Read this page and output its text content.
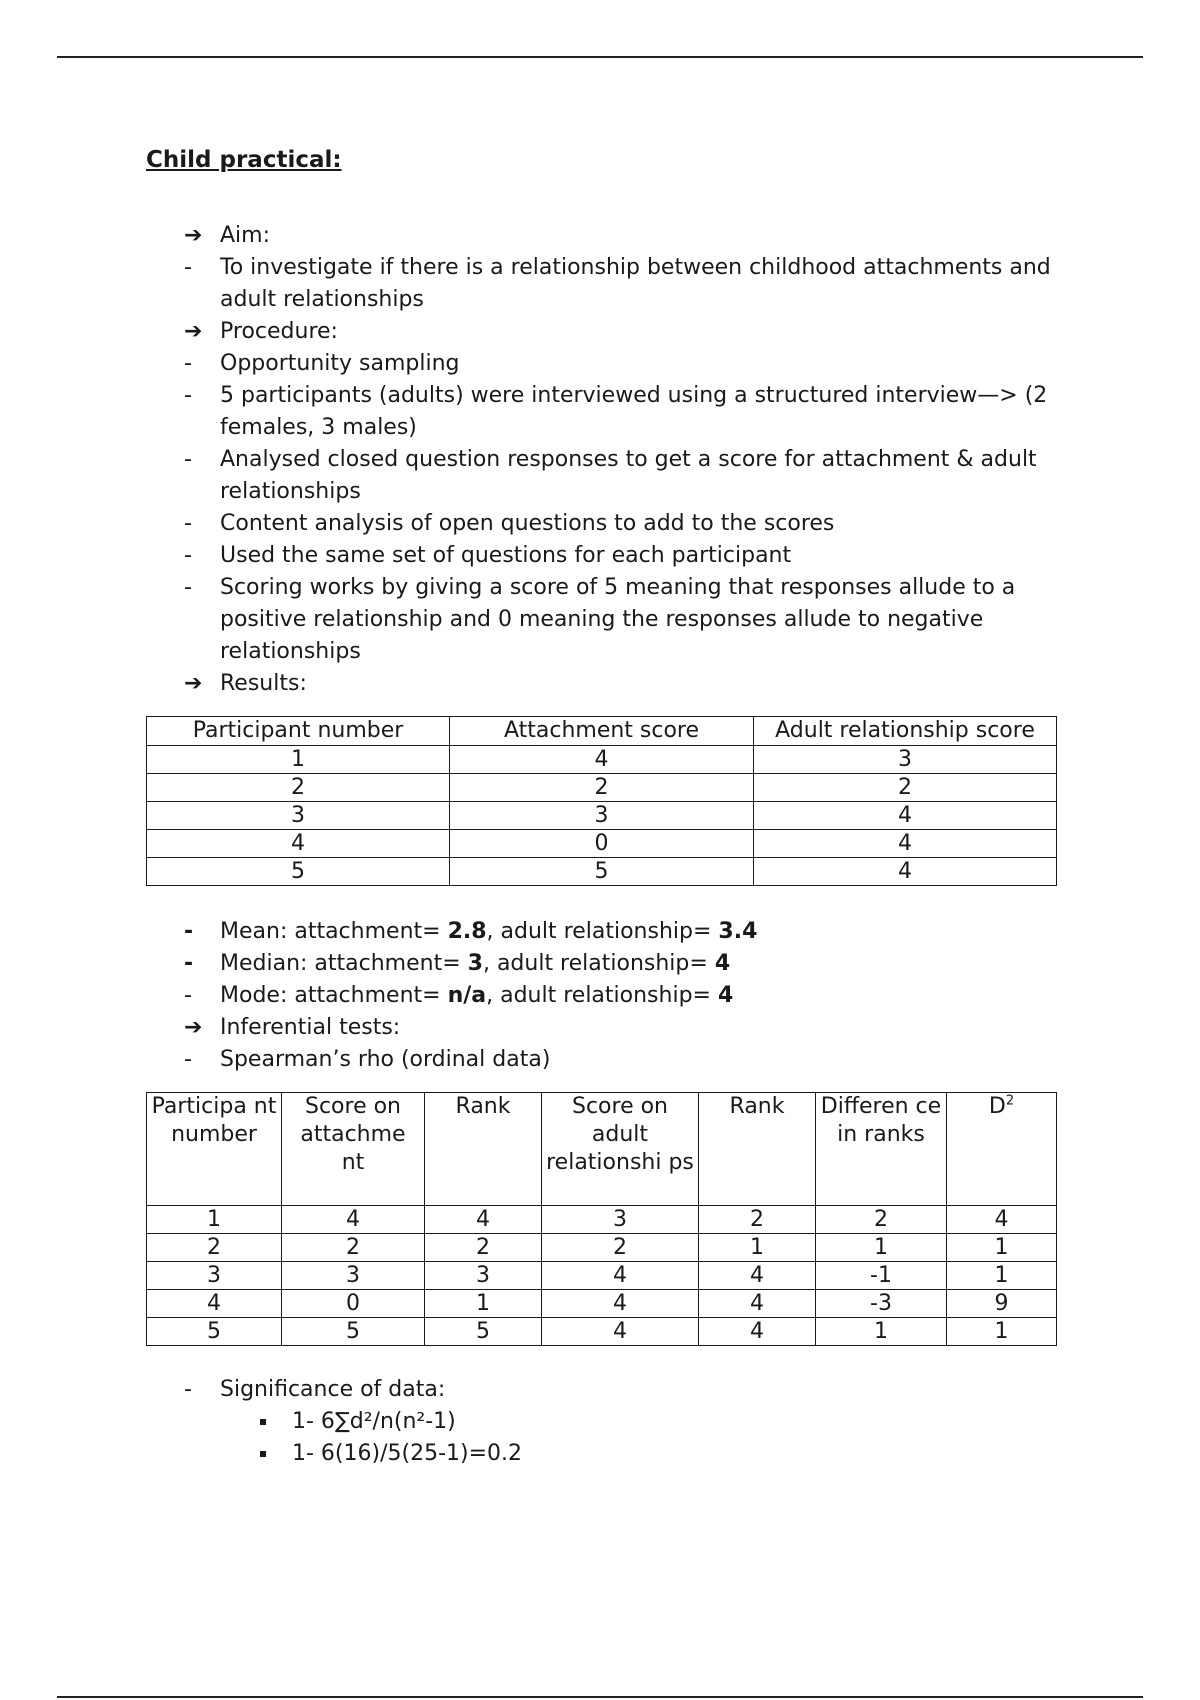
Child practical:
➔ Aim:
- To investigate if there is a relationship between childhood attachments and adult relationships
➔ Procedure:
- Opportunity sampling
- 5 participants (adults) were interviewed using a structured interview—> (2 females, 3 males)
- Analysed closed question responses to get a score for attachment & adult relationships
- Content analysis of open questions to add to the scores
- Used the same set of questions for each participant
- Scoring works by giving a score of 5 meaning that responses allude to a positive relationship and 0 meaning the responses allude to negative relationships
➔ Results:
Participant number	Attachment score	Adult relationship score
1	4	3
2	2	2
3	3	4
4	0	4
5	5	4
- Mean: attachment= 2.8, adult relationship= 3.4
- Median: attachment= 3, adult relationship= 4
- Mode: attachment= n/a, adult relationship= 4
➔ Inferential tests:
- Spearman’s rho (ordinal data)
Participa nt number	Score on attachme nt	Rank	Score on adult relationshi ps	Rank	Differen ce in ranks	$D^2$
1	4	4	3	2	2	4
2	2	2	2	1	1	1
3	3	3	4	4	-1	1
4	0	1	4	4	-3	9
5	5	5	4	4	1	1
- Significance of data:
1- 6∑d²/n(n²-1)
1- 6(16)/5(25-1)=0.2
